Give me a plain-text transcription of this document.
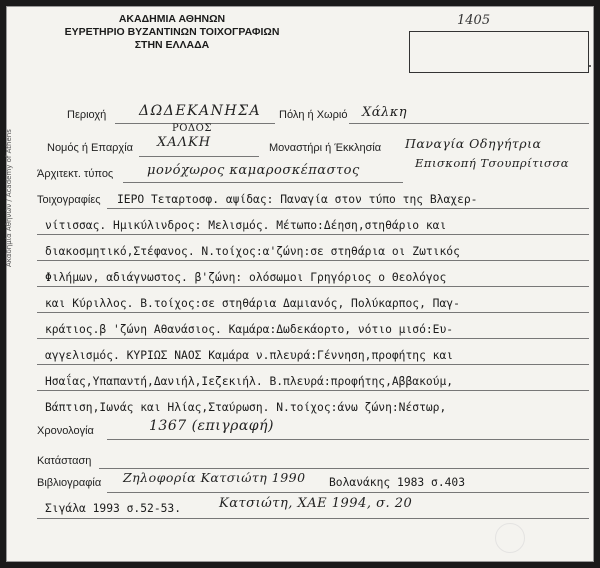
Ακαδημία Αθηνών / Academy of Athens
ΑΚΑΔΗΜΙΑ ΑΘΗΝΩΝ
ΕΥΡΕΤΗΡΙΟ ΒΥΖΑΝΤΙΝΩΝ ΤΟΙΧΟΓΡΑΦΙΩΝ
ΣΤΗΝ ΕΛΛΑΔΑ
1405
Περιοχή ΔΩΔΕΚΑΝΗΣΑ Πόλη ή Χωριό Χάλκη
ΡΟΔΟΣ
Νομός ή Επαρχία ΧΑΛΚΗ	Μοναστήρι ή Έκκλησία Παναγία Οδηγήτρια
Επισκοπή Τσουπρίτισσα
Άρχιτεκτ. τύπος	μονόχωρος καμαροσκέπαστος
Τοιχογραφίες ΙΕΡΟ Τεταρτοσφ. αψίδας: Παναγία στον τύπο της Βλαχερ-
νίτισσας. Ημικύλινδρος: Μελισμός. Μέτωπο:Δέηση,στηθάριο και
διακοσμητικό,Στέφανος. Ν.τοίχος:α'ζώνη:σε στηθάρια οι Ζωτικός
Φιλήμων, αδιάγνωστος. β'ζώνη: ολόσωμοι Γρηγόριος ο Θεολόγος
και Κύριλλος. Β.τοίχος:σε στηθάρια Δαμιανός, Πολύκαρπος, Παγ-
κράτιος.β 'ζώνη Αθανάσιος. Καμάρα:Δωδεκάορτο, νότιο μισό:Ευ-
αγγελισμός. ΚΥΡΙΩΣ ΝΑΟΣ Καμάρα ν.πλευρά:Γέννηση,προφήτης και
Ησαΐας,Υπαπαντή,Δανιήλ,Ιεζεκιήλ. Β.πλευρά:προφήτης,Αββακούμ,
Βάπτιση,Ιωνάς και Ηλίας,Σταύρωση. Ν.τοίχος:άνω ζώνη:Νέστωρ,
Χρονολογία	1367 (επιγραφή)
Κατάσταση
Βιβλιογραφία Ζηλοφορία Κατσιώτη 1990 Βολανάκης 1983 σ.403
Σιγάλα 1993 σ.52-53.	Κατσιώτη, ΧΑΕ 1994, σ. 20
